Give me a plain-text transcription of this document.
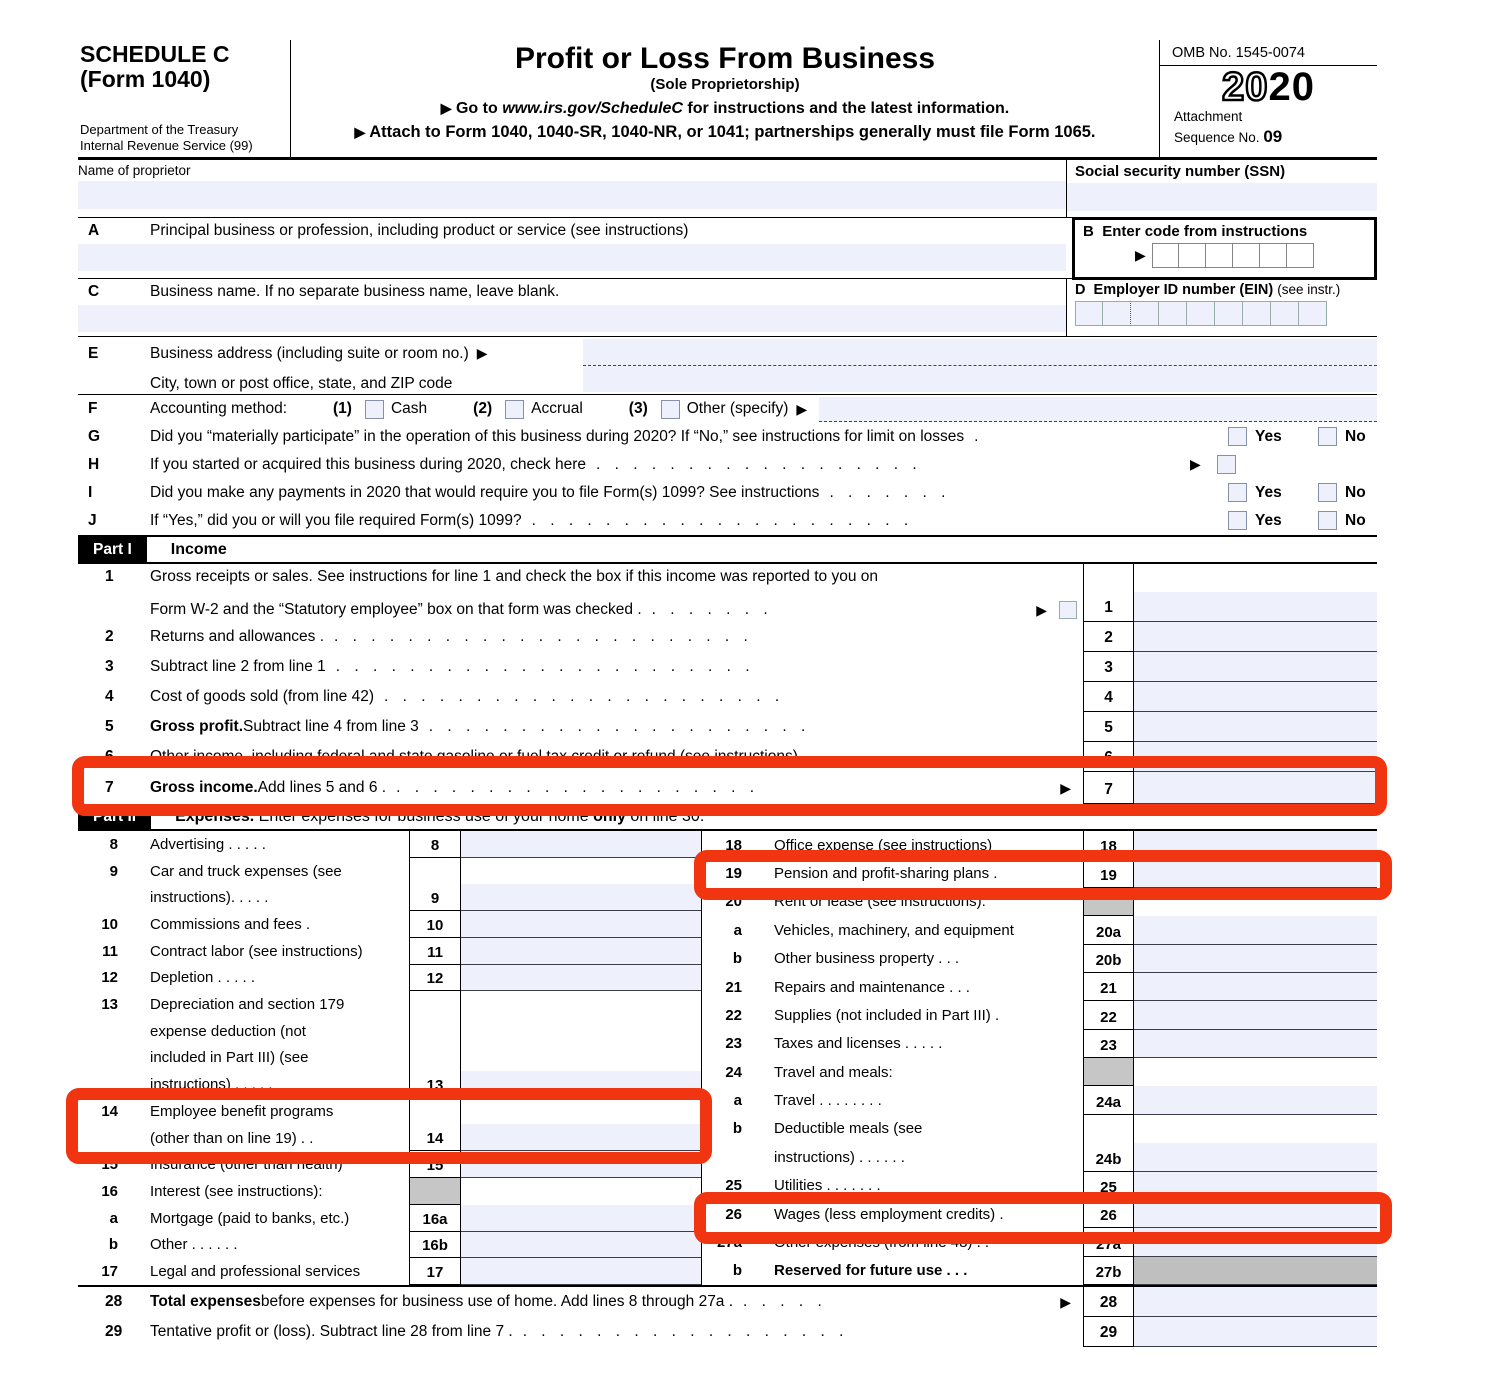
SCHEDULE C
(Form 1040)
Department of the Treasury
Internal Revenue Service (99)
Profit or Loss From Business
(Sole Proprietorship)
▶ Go to www.irs.gov/ScheduleC for instructions and the latest information.
▶ Attach to Form 1040, 1040-SR, 1040-NR, or 1041; partnerships generally must file Form 1065.
OMB No. 1545-0074
2020
Attachment
Sequence No. 09
Name of proprietor	Social security number (SSN)
A	Principal business or profession, including product or service (see instructions)	B Enter code from instructions
▶
C	Business name. If no separate business name, leave blank.	D Employer ID number (EIN) (see instr.)
E	Business address (including suite or room no.) ▶
City, town or post office, state, and ZIP code
F	Accounting method:	(1)	Cash	(2)	Accrual	(3)	Other (specify) ▶
G	Did you “materially participate” in the operation of this business during 2020? If “No,” see instructions for limit on losses .	Yes	No
H	If you started or acquired this business during 2020, check here . . . . . . . . . . . . . . . . . .	▶
I	Did you make any payments in 2020 that would require you to file Form(s) 1099? See instructions . . . . . . .	Yes	No
J	If “Yes,” did you or will you file required Form(s) 1099? . . . . . . . . . . . . . . . . . . . . .	Yes	No
Part I	Income
1	Gross receipts or sales. See instructions for line 1 and check the box if this income was reported to you on
Form W-2 and the “Statutory employee” box on that form was checked . . . . . . . .	▶	1
2	Returns and allowances . . . . . . . . . . . . . . . . . . . . . . . .	2
3	Subtract line 2 from line 1 . . . . . . . . . . . . . . . . . . . . . . .	3
4	Cost of goods sold (from line 42) . . . . . . . . . . . . . . . . . . . . . .	4
5	Gross profit. Subtract line 4 from line 3 . . . . . . . . . . . . . . . . . . . . .	5
6	Other income, including federal and state gasoline or fuel tax credit or refund (see instructions) . .	6
7	Gross income. Add lines 5 and 6 . . . . . . . . . . . . . . . . . . . . .	▶	7
Part II	Expenses. Enter expenses for business use of your home only on line 30.
8	Advertising . . . . .	8
9	Car and truck expenses (see
instructions). . . . .	9
10	Commissions and fees .	10
11	Contract labor (see instructions)	11
12	Depletion . . . . .	12
13	Depreciation and section 179
expense deduction (not
included in Part III) (see
instructions) . . . . .	13
14	Employee benefit programs
(other than on line 19) . .	14
15	Insurance (other than health)	15
16	Interest (see instructions):
a	Mortgage (paid to banks, etc.)	16a
b	Other . . . . . .	16b
17	Legal and professional services	17
18	Office expense (see instructions)	18
19	Pension and profit-sharing plans .	19
20	Rent or lease (see instructions):
a	Vehicles, machinery, and equipment	20a
b	Other business property . . .	20b
21	Repairs and maintenance . . .	21
22	Supplies (not included in Part III) .	22
23	Taxes and licenses . . . . .	23
24	Travel and meals:
a	Travel . . . . . . . .	24a
b	Deductible meals (see
instructions) . . . . . .	24b
25	Utilities . . . . . . .	25
26	Wages (less employment credits) .	26
27a	Other expenses (from line 48) . .	27a
b	Reserved for future use . . .	27b
28	Total expenses before expenses for business use of home. Add lines 8 through 27a . . . . . .	▶	28
29	Tentative profit or (loss). Subtract line 28 from line 7 . . . . . . . . . . . . . . . . . . .	29
